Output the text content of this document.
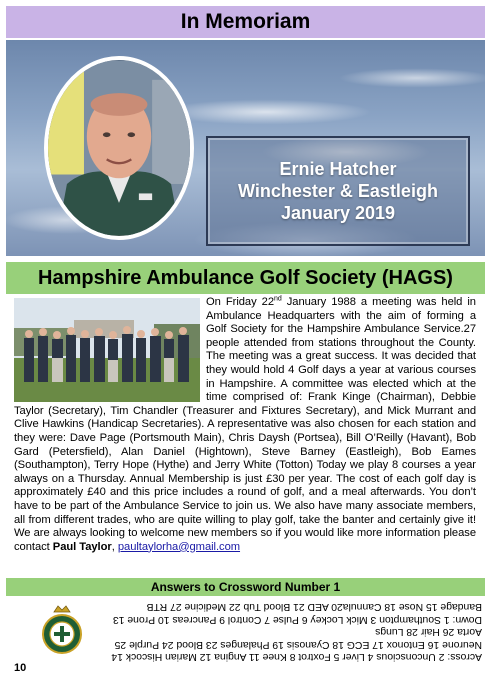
In Memoriam
Ernie Hatcher
Winchester & Eastleigh
January 2019
Hampshire Ambulance Golf Society (HAGS)

On Friday 22nd January 1988 a meeting was held in Ambulance Headquarters with the aim of forming a Golf Society for the Hampshire Ambulance Service.27 people attended from stations throughout the County. The meeting was a great success. It was decided that they would hold 4 Golf days a year at various courses in Hampshire. A committee was elected which at the time comprised of: Frank Kinge (Chairman), Debbie Taylor (Secretary), Tim Chandler (Treasurer and Fixtures Secretary), and Mick Murrant and Clive Hawkins (Handicap Secretaries). A representative was also chosen for each station and they were: Dave Page (Portsmouth Main), Chris Daysh (Portsea), Bill O’Reilly (Havant), Bob Gard (Petersfield), Alan Daniel (Hightown), Steve Barney (Eastleigh), Bob Eames (Southampton), Terry Hope (Hythe) and Jerry White (Totton) Today we play 8 courses a year always on a Thursday. Annual Membership is just £30 per year. The cost of each golf day is approximately £40 and this price includes a round of golf, and a meal afterwards. You don’t have to be part of the Ambulance Service to join us. We also have many associate members, all from different trades, who are quite willing to play golf, take the banter and certainly give it! We are always looking to welcome new members so if you would like more information please contact Paul Taylor, paultaylorha@gmail.com

Answers to Crossword Number 1
Across: 2 Unconscious 4 Liver 5 Foxtrot 8 Knee 11 Angina 12 Marian Hiscock 14
Neurone 16 Entonox 17 ECG 18 Cyanosis 19 Phalanges 23 Blood 24 Purple 25
Aorta 26 Hair 28 Lungs
Down: 1 Southampton 3 Mick Lockey 6 Pulse 7 Control 9 Pancreas 10 Prone 13
Bandage 15 Nose 18 Cannula20 AED 21 Blood Tub 22 Medicine 27 RTB
10
